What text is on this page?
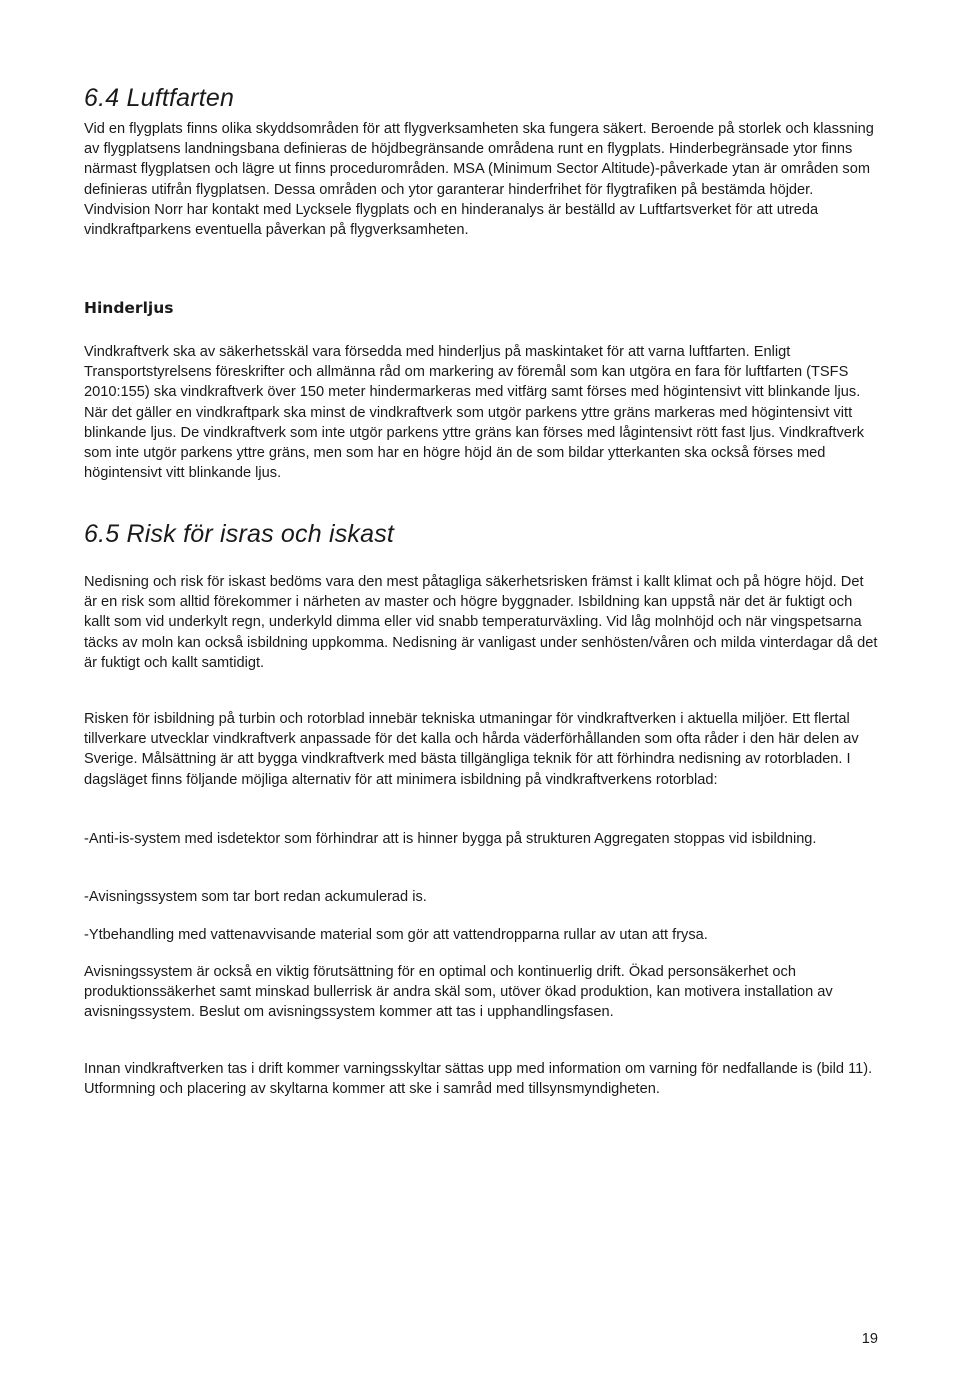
6.4 Luftfarten

Vid en flygplats finns olika skyddsområden för att flygverksamheten ska fungera säkert. Beroende på storlek och klassning av flygplatsens landningsbana definieras de höjdbegränsande områdena runt en flygplats. Hinderbegränsade ytor finns närmast flygplatsen och lägre ut finns procedurområden. MSA (Minimum Sector Altitude)-påverkade ytan är områden som definieras utifrån flygplatsen. Dessa områden och ytor garanterar hinderfrihet för flygtrafiken på bestämda höjder. Vindvision Norr har kontakt med Lycksele flygplats och en hinderanalys är beställd av Luftfartsverket för att utreda vindkraftparkens eventuella påverkan på flygverksamheten.

Hinderljus

Vindkraftverk ska av säkerhetsskäl vara försedda med hinderljus på maskintaket för att varna luftfarten. Enligt Transportstyrelsens föreskrifter och allmänna råd om markering av föremål som kan utgöra en fara för luftfarten (TSFS 2010:155) ska vindkraftverk över 150 meter hindermarkeras med vitfärg samt förses med högintensivt vitt blinkande ljus. När det gäller en vindkraftpark ska minst de vindkraftverk som utgör parkens yttre gräns markeras med högintensivt vitt blinkande ljus. De vindkraftverk som inte utgör parkens yttre gräns kan förses med lågintensivt rött fast ljus. Vindkraftverk som inte utgör parkens yttre gräns, men som har en högre höjd än de som bildar ytterkanten ska också förses med högintensivt vitt blinkande ljus.

6.5 Risk för isras och iskast

Nedisning och risk för iskast bedöms vara den mest påtagliga säkerhetsrisken främst i kallt klimat och på högre höjd. Det är en risk som alltid förekommer i närheten av master och högre byggnader. Isbildning kan uppstå när det är fuktigt och kallt som vid underkylt regn, underkyld dimma eller vid snabb temperaturväxling. Vid låg molnhöjd och när vingspetsarna täcks av moln kan också isbildning uppkomma. Nedisning är vanligast under senhösten/våren och milda vinterdagar då det är fuktigt och kallt samtidigt.

Risken för isbildning på turbin och rotorblad innebär tekniska utmaningar för vindkraftverken i aktuella miljöer. Ett flertal tillverkare utvecklar vindkraftverk anpassade för det kalla och hårda väderförhållanden som ofta råder i den här delen av Sverige. Målsättning är att bygga vindkraftverk med bästa tillgängliga teknik för att förhindra nedisning av rotorbladen. I dagsläget finns följande möjliga alternativ för att minimera isbildning på vindkraftverkens rotorblad:

-Anti-is-system med isdetektor som förhindrar att is hinner bygga på strukturen Aggregaten stoppas vid isbildning.

-Avisningssystem som tar bort redan ackumulerad is.

-Ytbehandling med vattenavvisande material som gör att vattendropparna rullar av utan att frysa.

Avisningssystem är också en viktig förutsättning för en optimal och kontinuerlig drift. Ökad personsäkerhet och produktionssäkerhet samt minskad bullerrisk är andra skäl som, utöver ökad produktion, kan motivera installation av avisningssystem. Beslut om avisningssystem kommer att tas i upphandlingsfasen.

Innan vindkraftverken tas i drift kommer varningsskyltar sättas upp med information om varning för nedfallande is (bild 11). Utformning och placering av skyltarna kommer att ske i samråd med tillsynsmyndigheten.

19
